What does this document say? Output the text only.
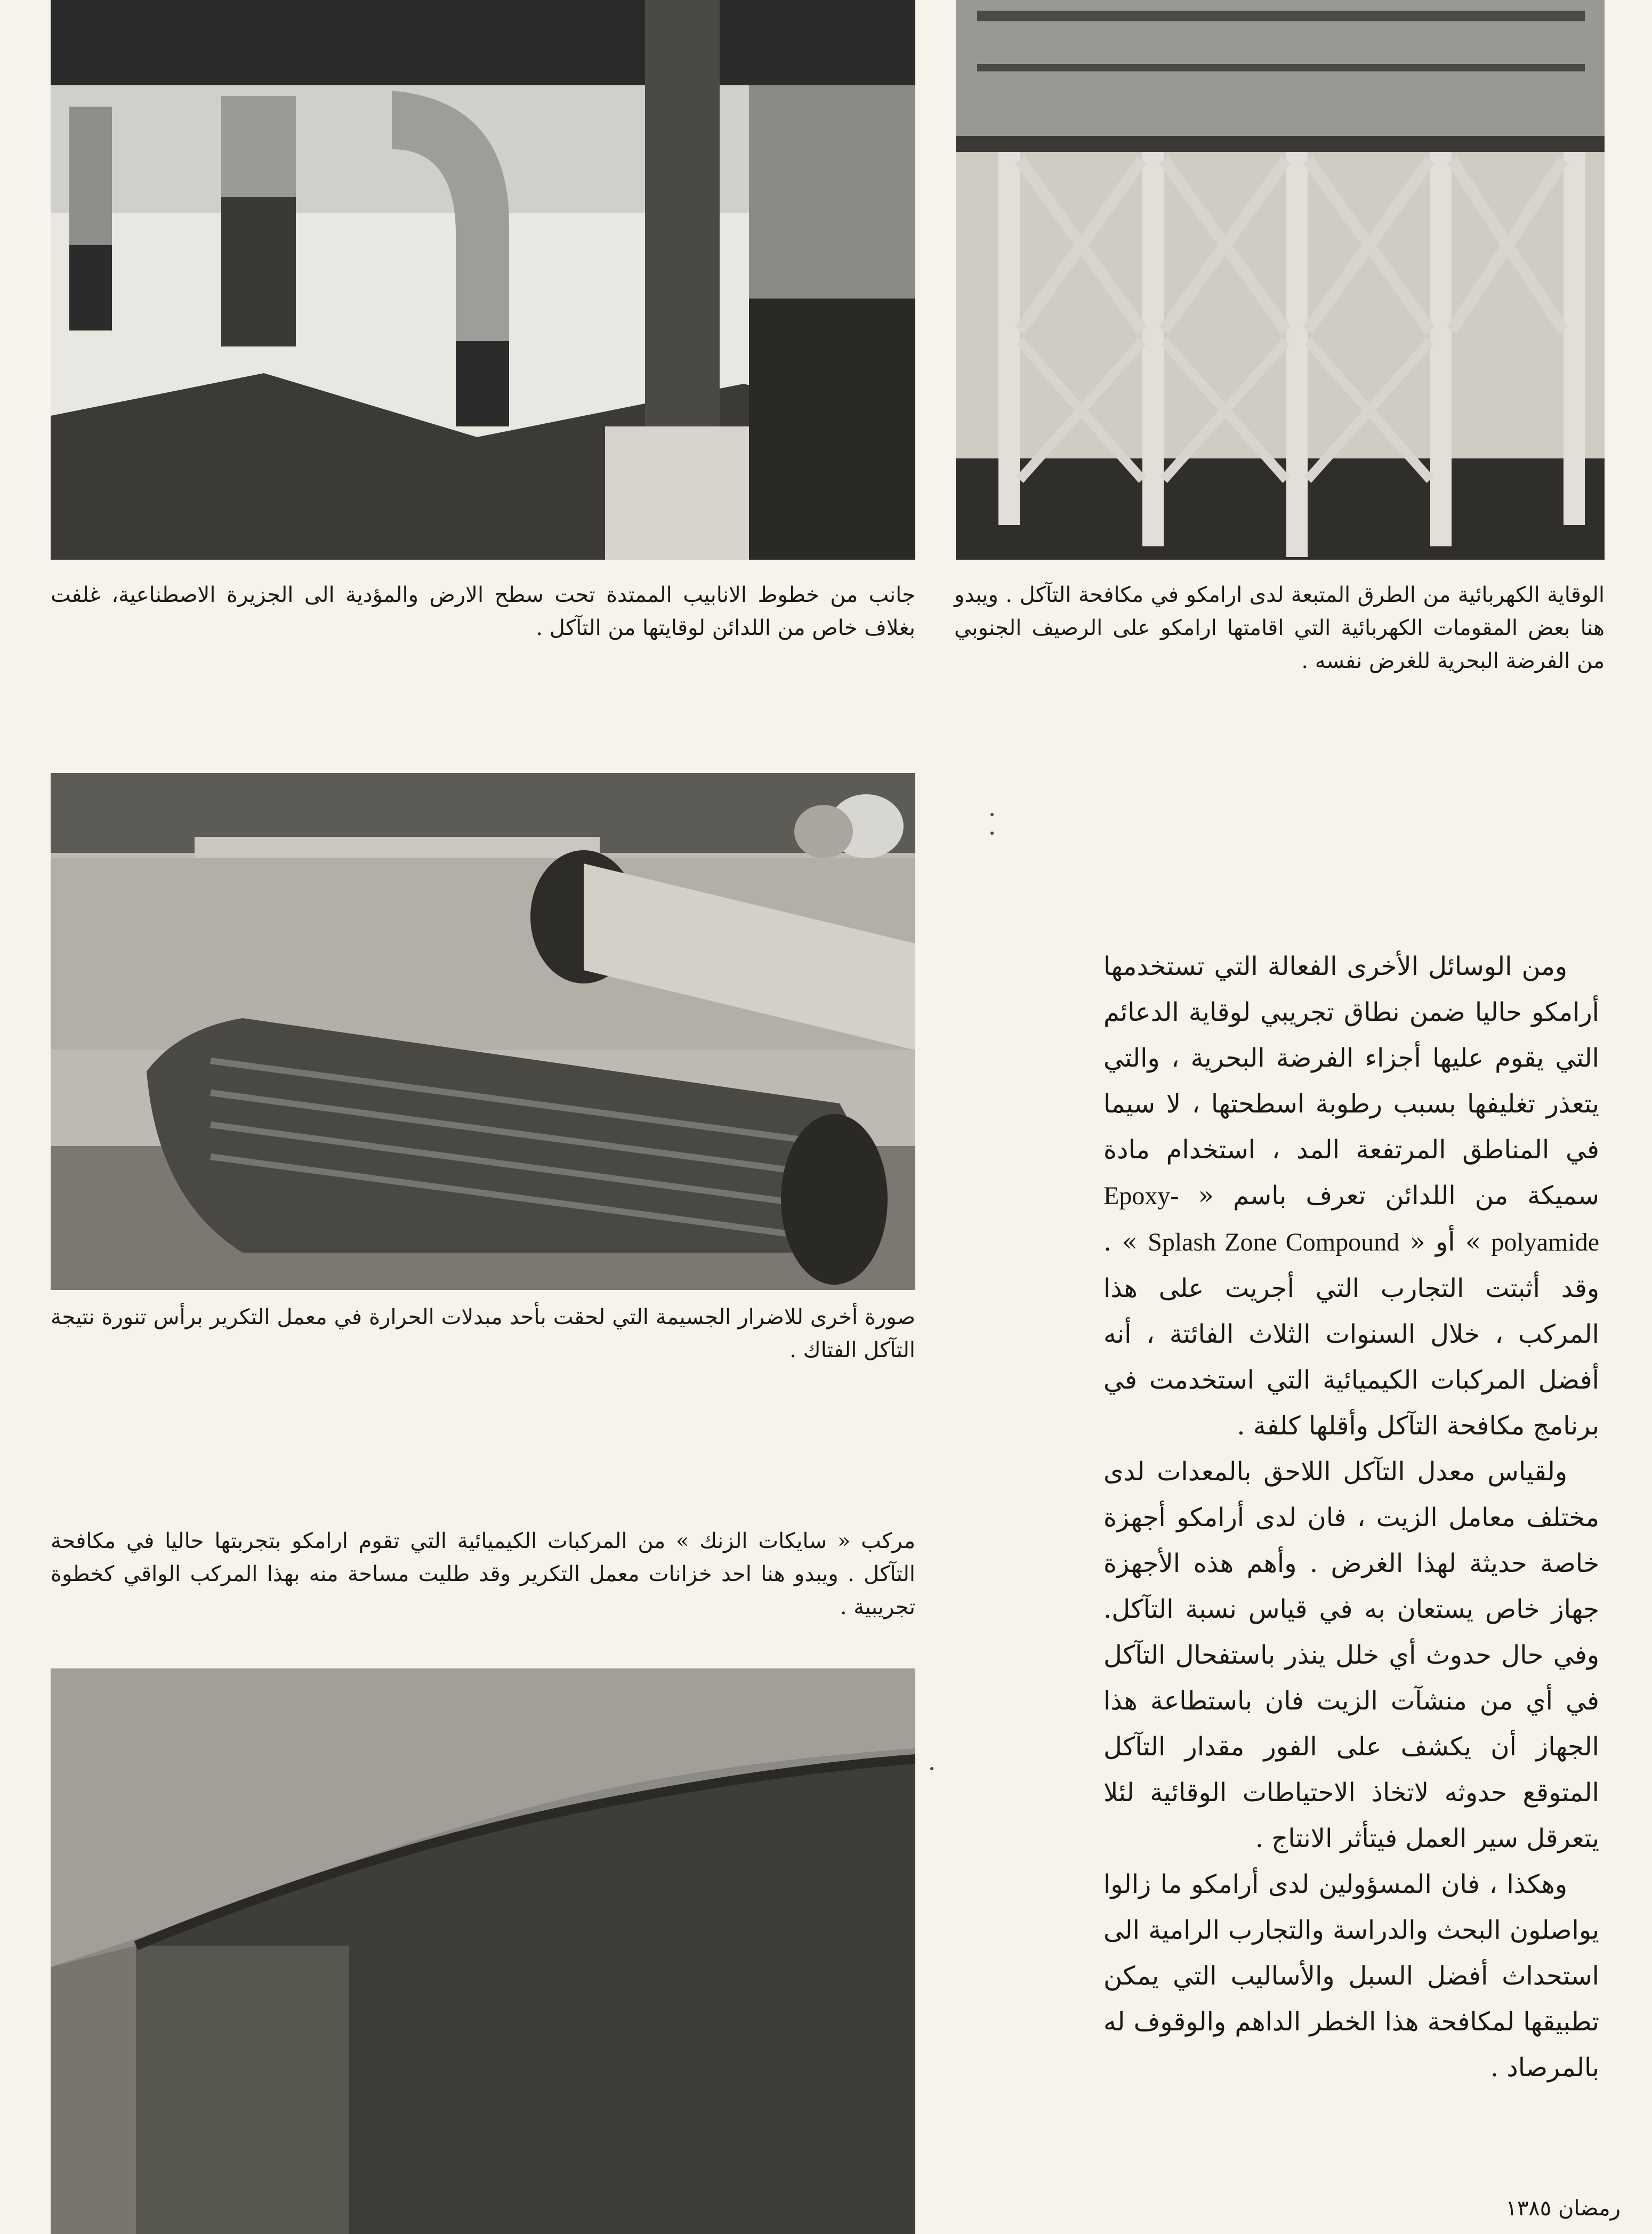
الوقاية الكهربائية من الطرق المتبعة لدى ارامكو في مكافحة التآكل . ويبدو هنا بعض المقومات الكهربائية التي اقامتها ارامكو على الرصيف الجنوبي من الفرضة البحرية للغرض نفسه .

جانب من خطوط الانابيب الممتدة تحت سطح الارض والمؤدية الى الجزيرة الاصطناعية، غلفت بغلاف خاص من اللدائن لوقايتها من التآكل .

صورة أخرى للاضرار الجسيمة التي لحقت بأحد مبدلات الحرارة في معمل التكرير برأس تنورة نتيجة التآكل الفتاك .

مركب « سايكات الزنك » من المركبات الكيميائية التي تقوم ارامكو بتجربتها حاليا في مكافحة التآكل . ويبدو هنا احد خزانات معمل التكرير وقد طليت مساحة منه بهذا المركب الواقي كخطوة تجريبية .

ومن الوسائل الأخرى الفعالة التي تستخدمها أرامكو حاليا ضمن نطاق تجريبي لوقاية الدعائم التي يقوم عليها أجزاء الفرضة البحرية ، والتي يتعذر تغليفها بسبب رطوبة اسطحتها ، لا سيما في المناطق المرتفعة المد ، استخدام مادة سميكة من اللدائن تعرف باسم « Epoxy-polyamide » أو « Splash Zone Compound » . وقد أثبتت التجارب التي أجريت على هذا المركب ، خلال السنوات الثلاث الفائتة ، أنه أفضل المركبات الكيميائية التي استخدمت في برنامج مكافحة التآكل وأقلها كلفة .

ولقياس معدل التآكل اللاحق بالمعدات لدى مختلف معامل الزيت ، فان لدى أرامكو أجهزة خاصة حديثة لهذا الغرض . وأهم هذه الأجهزة جهاز خاص يستعان به في قياس نسبة التآكل. وفي حال حدوث أي خلل ينذر باستفحال التآكل في أي من منشآت الزيت فان باستطاعة هذا الجهاز أن يكشف على الفور مقدار التآكل المتوقع حدوثه لاتخاذ الاحتياطات الوقائية لئلا يتعرقل سير العمل فيتأثر الانتاج .

وهكذا ، فان المسؤولين لدى أرامكو ما زالوا يواصلون البحث والدراسة والتجارب الرامية الى استحداث أفضل السبل والأساليب التي يمكن تطبيقها لمكافحة هذا الخطر الداهم والوقوف له بالمرصاد .

رمضان ١٣٨٥
